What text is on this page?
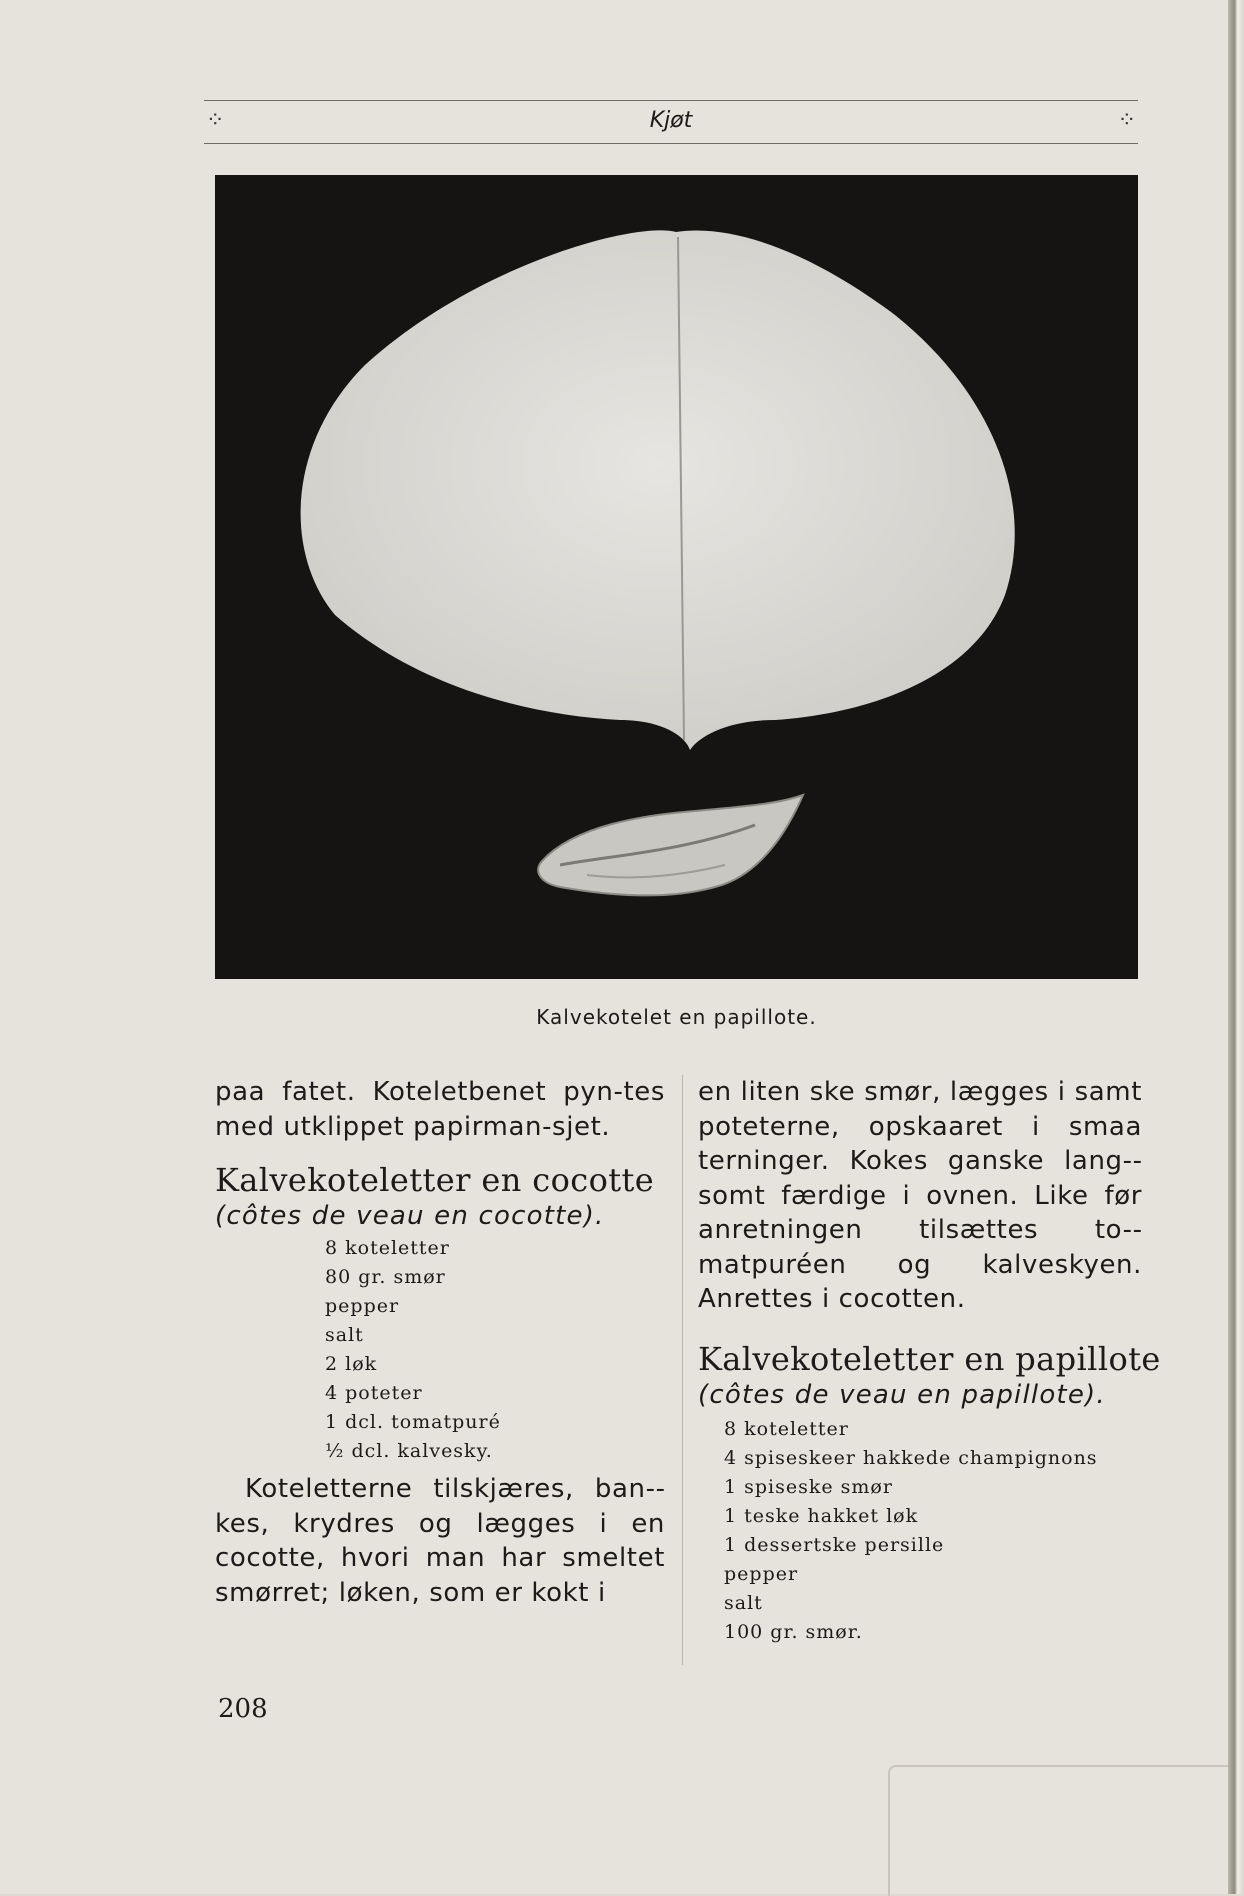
⁘	Kjøt	⁘
Kalvekotelet en papillote.

paa fatet. Koteletbenet pyn-tes med utklippet papirman-sjet.

Kalvekoteletter en cocotte
(côtes de veau en cocotte).
8 koteletter
80 gr. smør
pepper
salt
2 løk
4 poteter
1 dcl. tomatpuré
½ dcl. kalvesky.

Koteletterne tilskjæres, ban-kes, krydres og lægges i en cocotte, hvori man har smeltet smørret; løken, som er kokt i

en liten ske smør, lægges i samt poteterne, opskaaret i smaa terninger. Kokes ganske lang-somt færdige i ovnen. Like før anretningen tilsættes to-matpuréen og kalveskyen. Anrettes i cocotten.

Kalvekoteletter en papillote
(côtes de veau en papillote).
8 koteletter
4 spiseskeer hakkede champignons
1 spiseske smør
1 teske hakket løk
1 dessertske persille
pepper
salt
100 gr. smør.
208
